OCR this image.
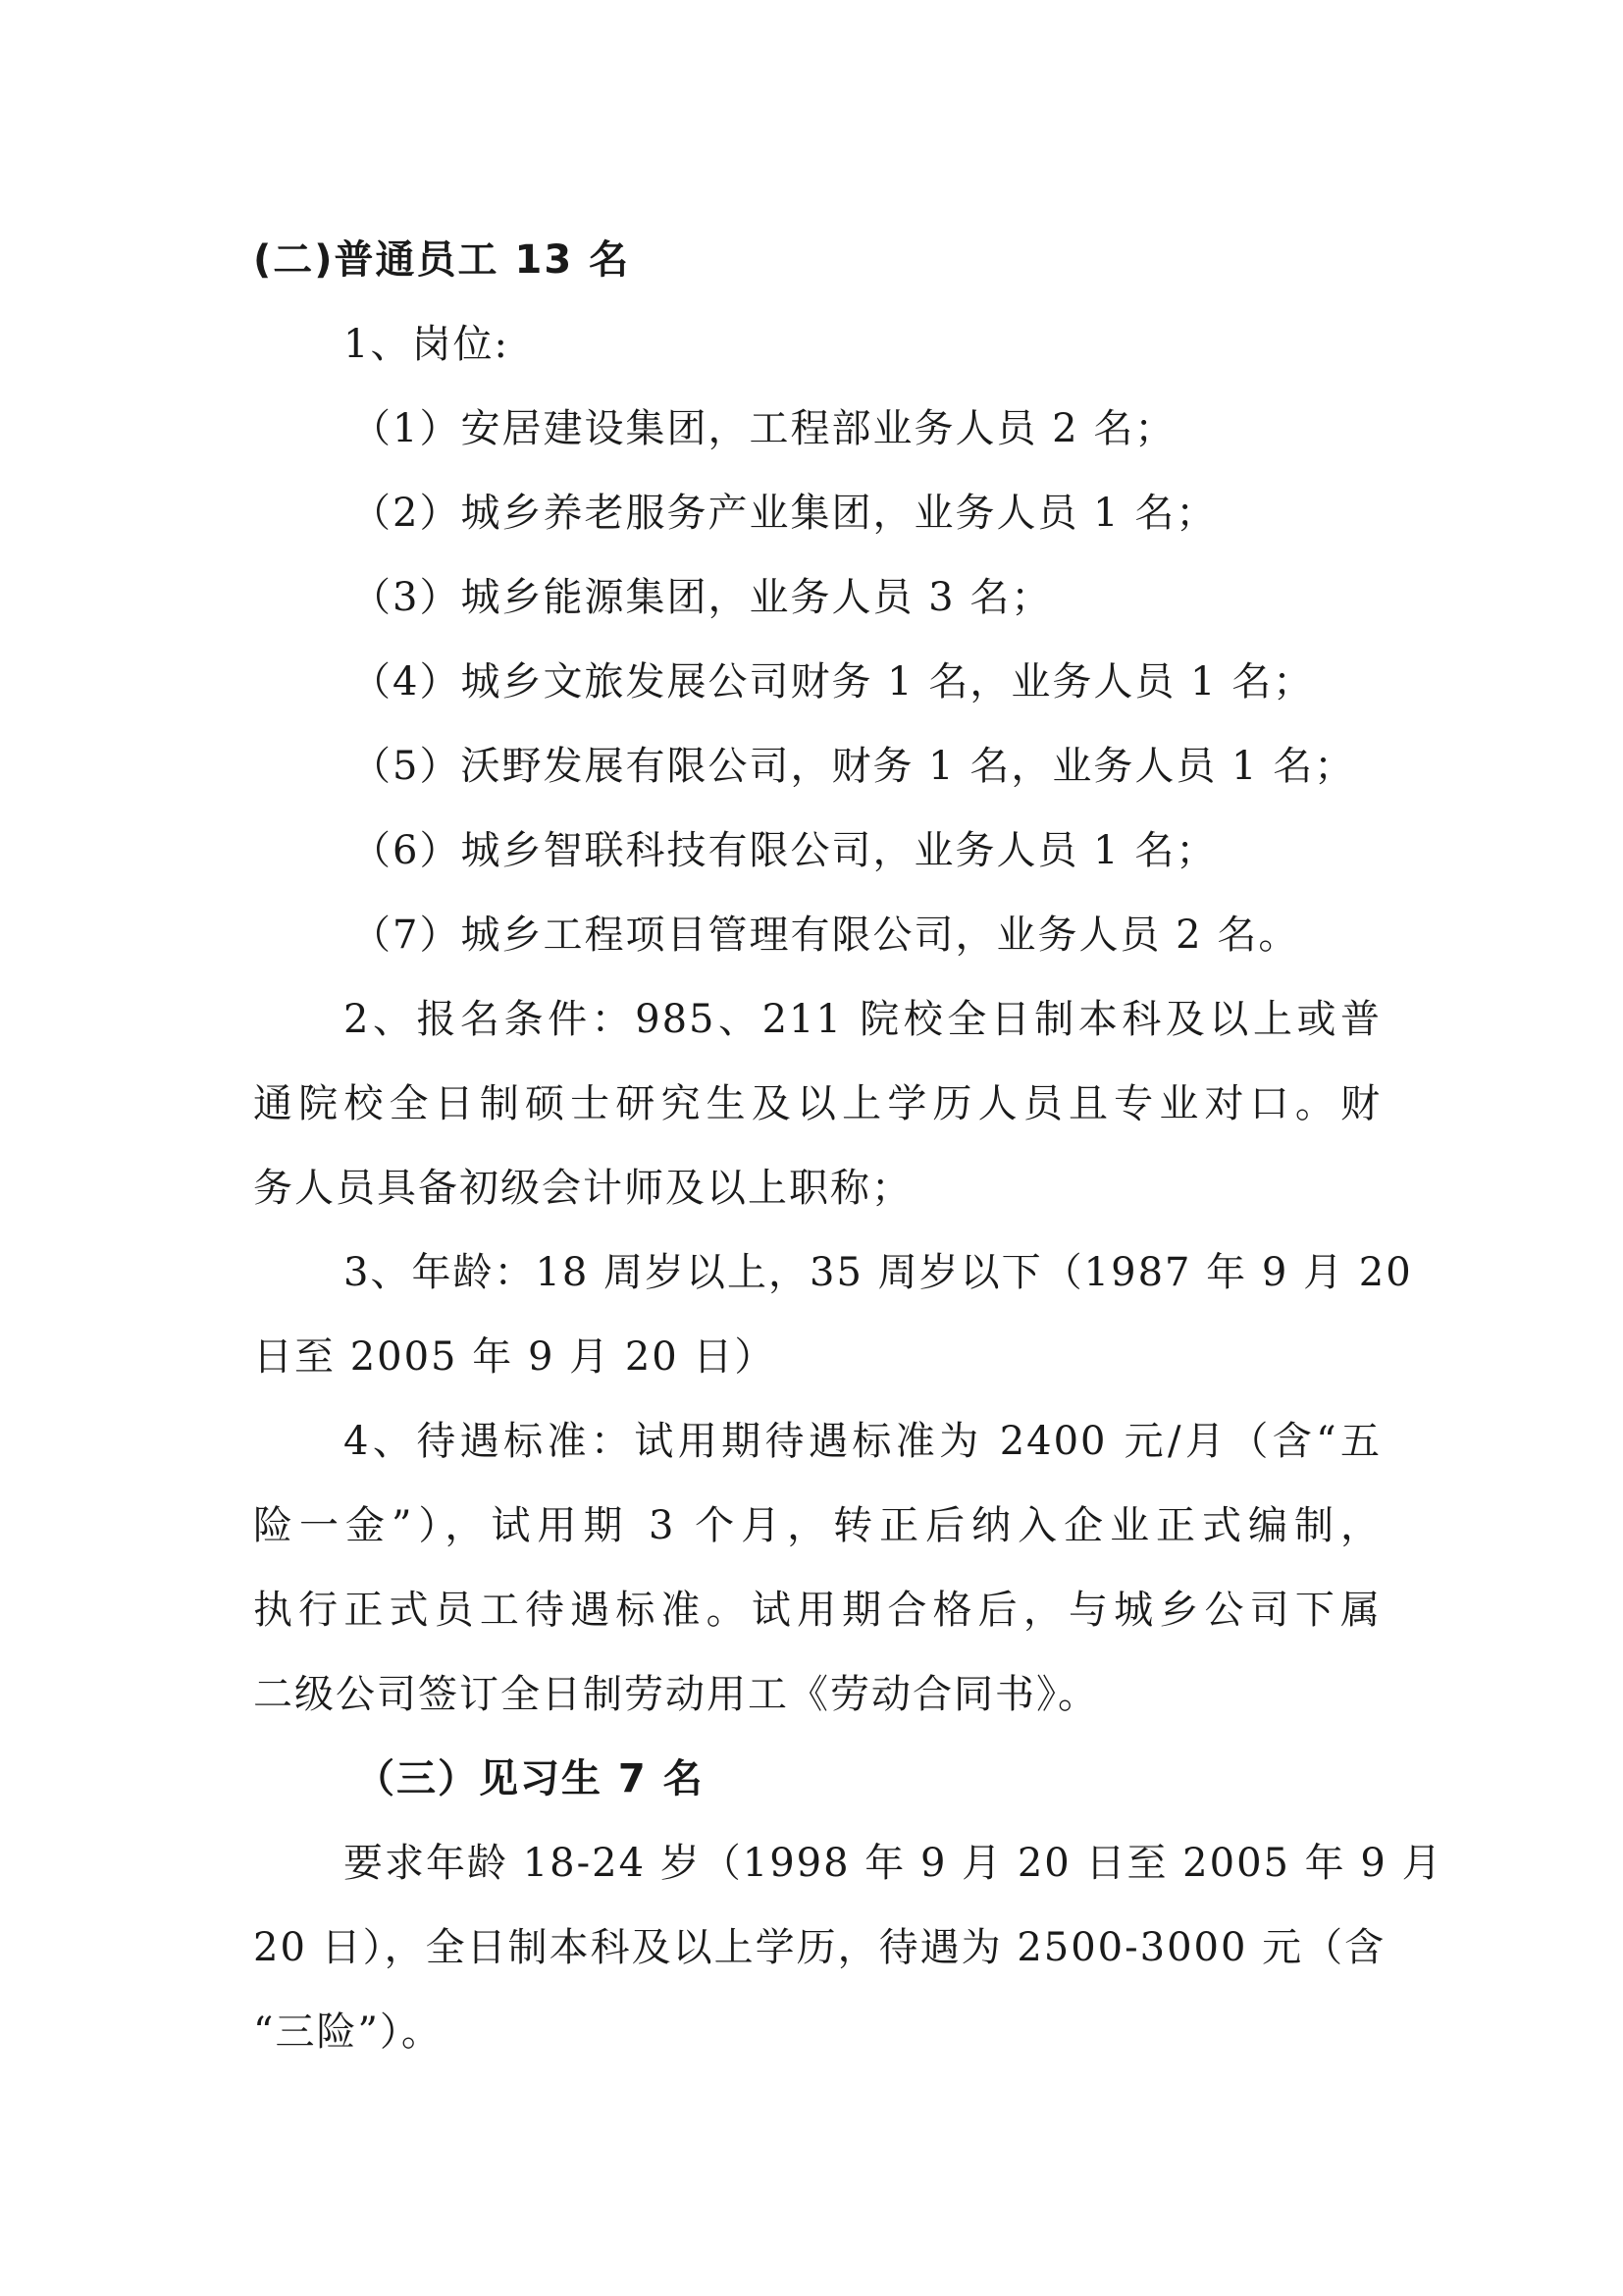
(二)普通员工 13 名
1、岗位:
（1）安居建设集团，工程部业务人员 2 名；
（2）城乡养老服务产业集团，业务人员 1 名；
（3）城乡能源集团，业务人员 3 名；
（4）城乡文旅发展公司财务 1 名，业务人员 1 名；
（5）沃野发展有限公司，财务 1 名，业务人员 1 名；
（6）城乡智联科技有限公司，业务人员 1 名；
（7）城乡工程项目管理有限公司，业务人员 2 名。
2、报名条件：985、211 院校全日制本科及以上或普
通院校全日制硕士研究生及以上学历人员且专业对口。财
务人员具备初级会计师及以上职称；
3、年龄：18 周岁以上，35 周岁以下（1987 年 9 月 20
日至 2005 年 9 月 20 日）
4、待遇标准：试用期待遇标准为 2400 元/月（含“五
险一金”），试用期 3 个月，转正后纳入企业正式编制，
执行正式员工待遇标准。试用期合格后，与城乡公司下属
二级公司签订全日制劳动用工《劳动合同书》。
（三）见习生 7 名
要求年龄 18-24 岁（1998 年 9 月 20 日至 2005 年 9 月
20 日），全日制本科及以上学历，待遇为 2500-3000 元（含
“三险”）。
